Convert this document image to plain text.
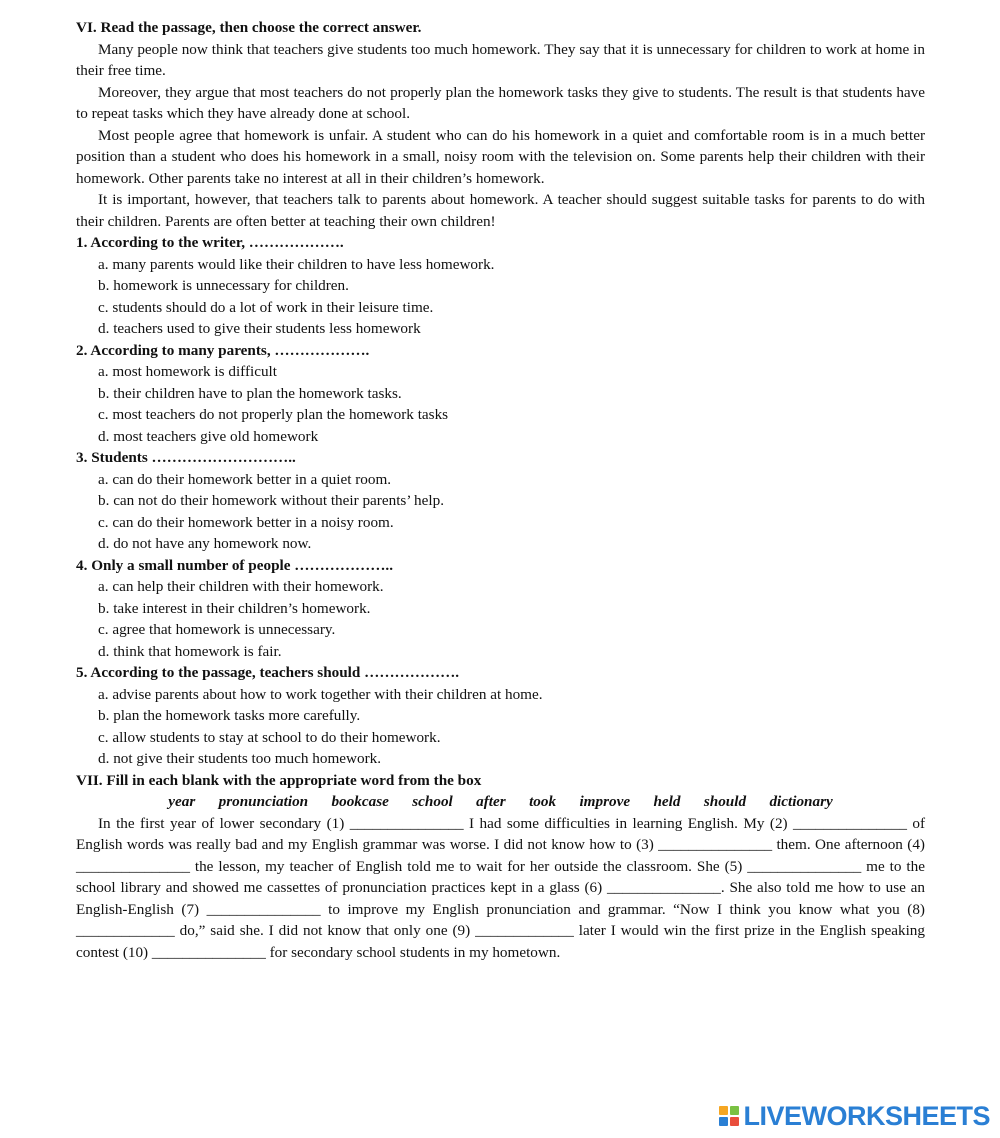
VI. Read the passage, then choose the correct answer.

Many people now think that teachers give students too much homework. They say that it is unnecessary for children to work at home in their free time.

Moreover, they argue that most teachers do not properly plan the homework tasks they give to students. The result is that students have to repeat tasks which they have already done at school.

Most people agree that homework is unfair. A student who can do his homework in a quiet and comfortable room is in a much better position than a student who does his homework in a small, noisy room with the television on. Some parents help their children with their homework. Other parents take no interest at all in their children’s homework.

It is important, however, that teachers talk to parents about homework. A teacher should suggest suitable tasks for parents to do with their children. Parents are often better at teaching their own children!

1. According to the writer, ……………….

a. many parents would like their children to have less homework.

b. homework is unnecessary for children.

c. students should do a lot of work in their leisure time.

d. teachers used to give their students less homework

2. According to many parents, ……………….

a. most homework is difficult

b. their children have to plan the homework tasks.

c. most teachers do not properly plan the homework tasks

d. most teachers give old homework

3. Students ………………………..

a. can do their homework better in a quiet room.

b. can not do their homework without their parents’ help.

c. can do their homework better in a noisy room.

d. do not have any homework now.

4. Only a small number of people ………………..

a. can help their children with their homework.

b. take interest in their children’s homework.

c. agree that homework is unnecessary.

d. think that homework is fair.

5. According to the passage, teachers should ……………….

a. advise parents about how to work together with their children at home.

b. plan the homework tasks more carefully.

c. allow students to stay at school to do their homework.

d. not give their students too much homework.

VII. Fill in each blank with the appropriate word from the box

year   pronunciation   bookcase   school   after   took   improve   held   should   dictionary

In the first year of lower secondary (1) _______________ I had some difficulties in learning English. My (2) _______________ of English words was really bad and my English grammar was worse. I did not know how to (3) _______________ them. One afternoon (4) _______________ the lesson, my teacher of English told me to wait for her outside the classroom. She (5) _______________ me to the school library and showed me cassettes of pronunciation practices kept in a glass (6) _______________. She also told me how to use an English-English (7) _______________ to improve my English pronunciation and grammar. “Now I think you know what you (8) _____________ do,” said she. I did not know that only one (9) _____________ later I would win the first prize in the English speaking contest (10) _______________ for secondary school students in my hometown.

LIVEWORKSHEETS
